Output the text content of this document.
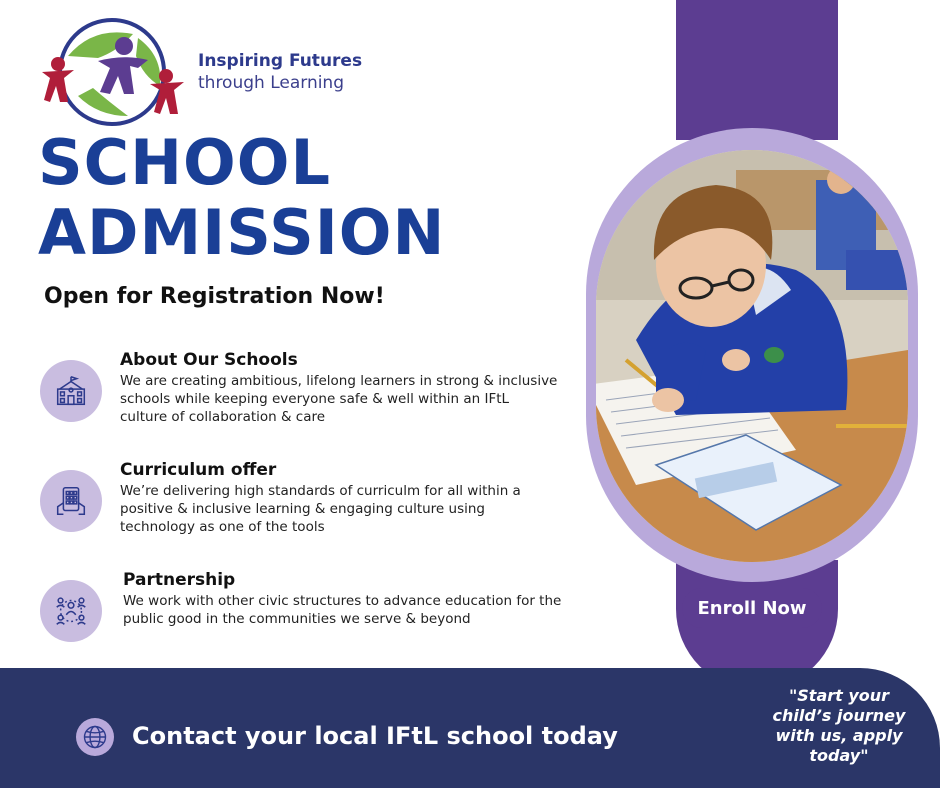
Inspiring Futures
through Learning
SCHOOL
ADMISSION
Open for Registration Now!
About Our Schools
We are creating ambitious, lifelong learners in strong & inclusive schools while keeping everyone safe & well within an IFtL culture of collaboration & care
Curriculum offer
We’re delivering high standards of curriculm for all within a positive & inclusive learning & engaging culture using technology as one of the tools
Partnership
We work with other civic structures to advance education for the public good in the communities we serve & beyond
Enroll Now
Contact your local IFtL school today
"Start your child’s journey with us, apply today"
